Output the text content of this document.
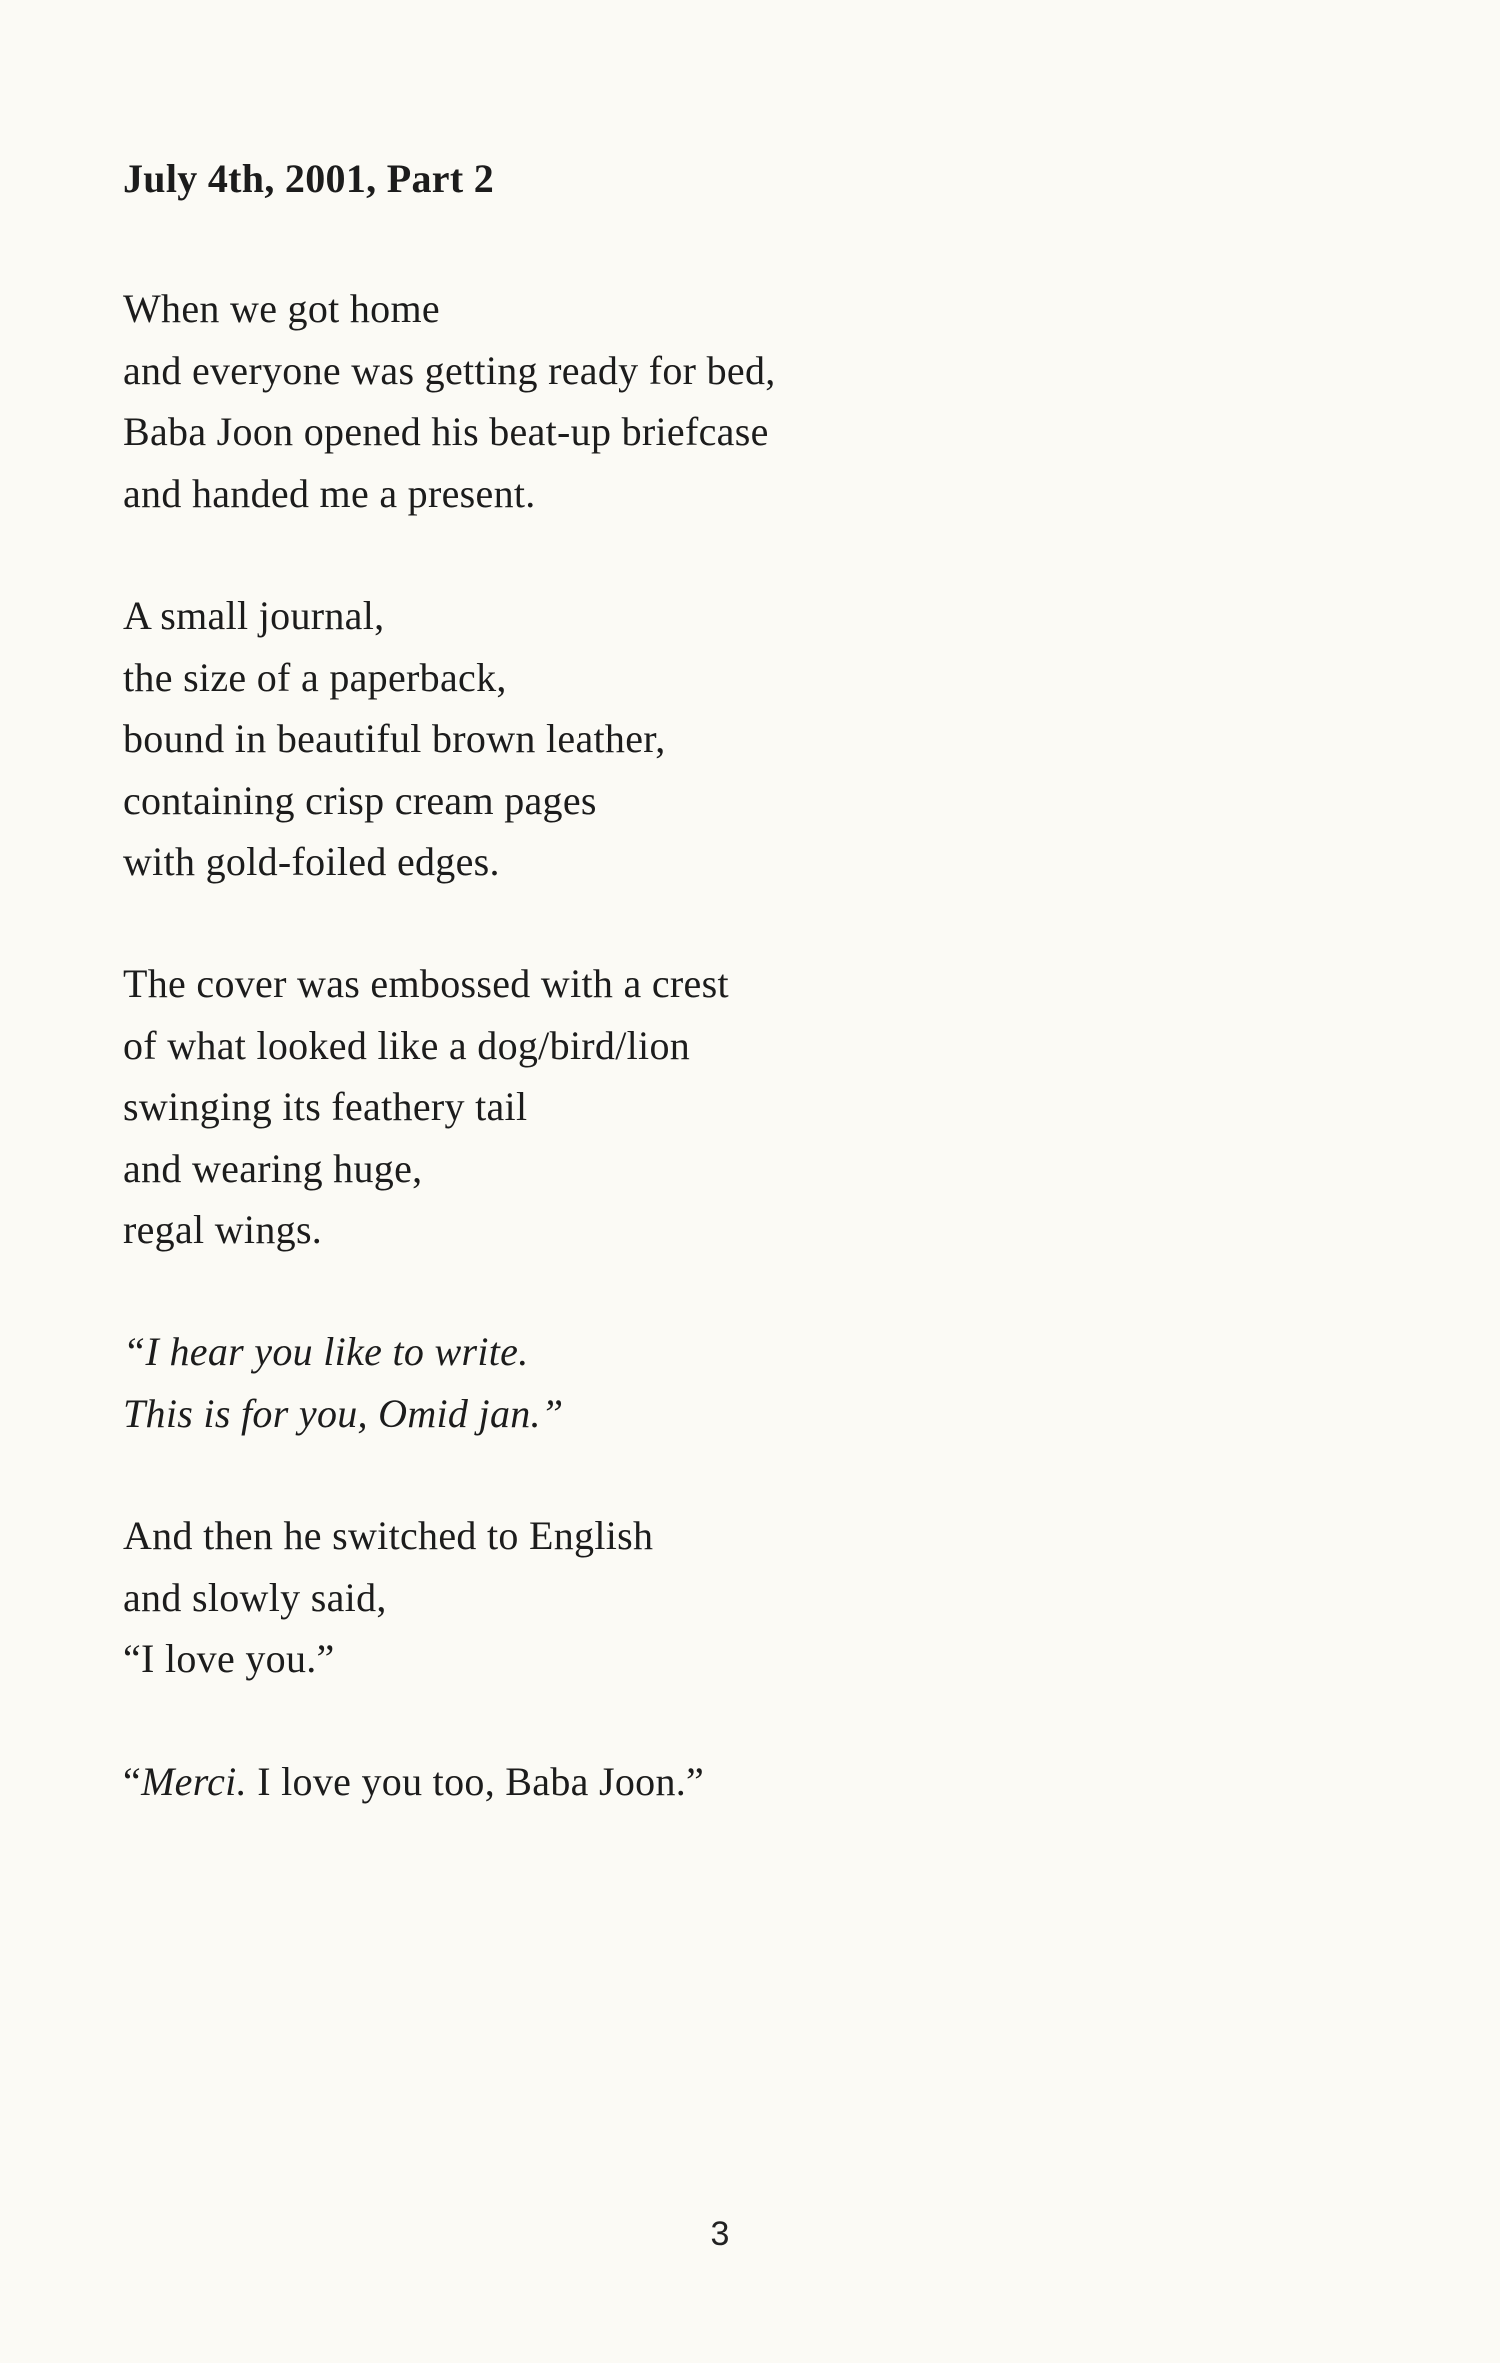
July 4th, 2001, Part 2
When we got home
and everyone was getting ready for bed,
Baba Joon opened his beat-up briefcase
and handed me a present.
A small journal,
the size of a paperback,
bound in beautiful brown leather,
containing crisp cream pages
with gold-foiled edges.
The cover was embossed with a crest
of what looked like a dog/bird/lion
swinging its feathery tail
and wearing huge,
regal wings.
“I hear you like to write.
This is for you, Omid jan.”
And then he switched to English
and slowly said,
“I love you.”
“Merci. I love you too, Baba Joon.”
3
